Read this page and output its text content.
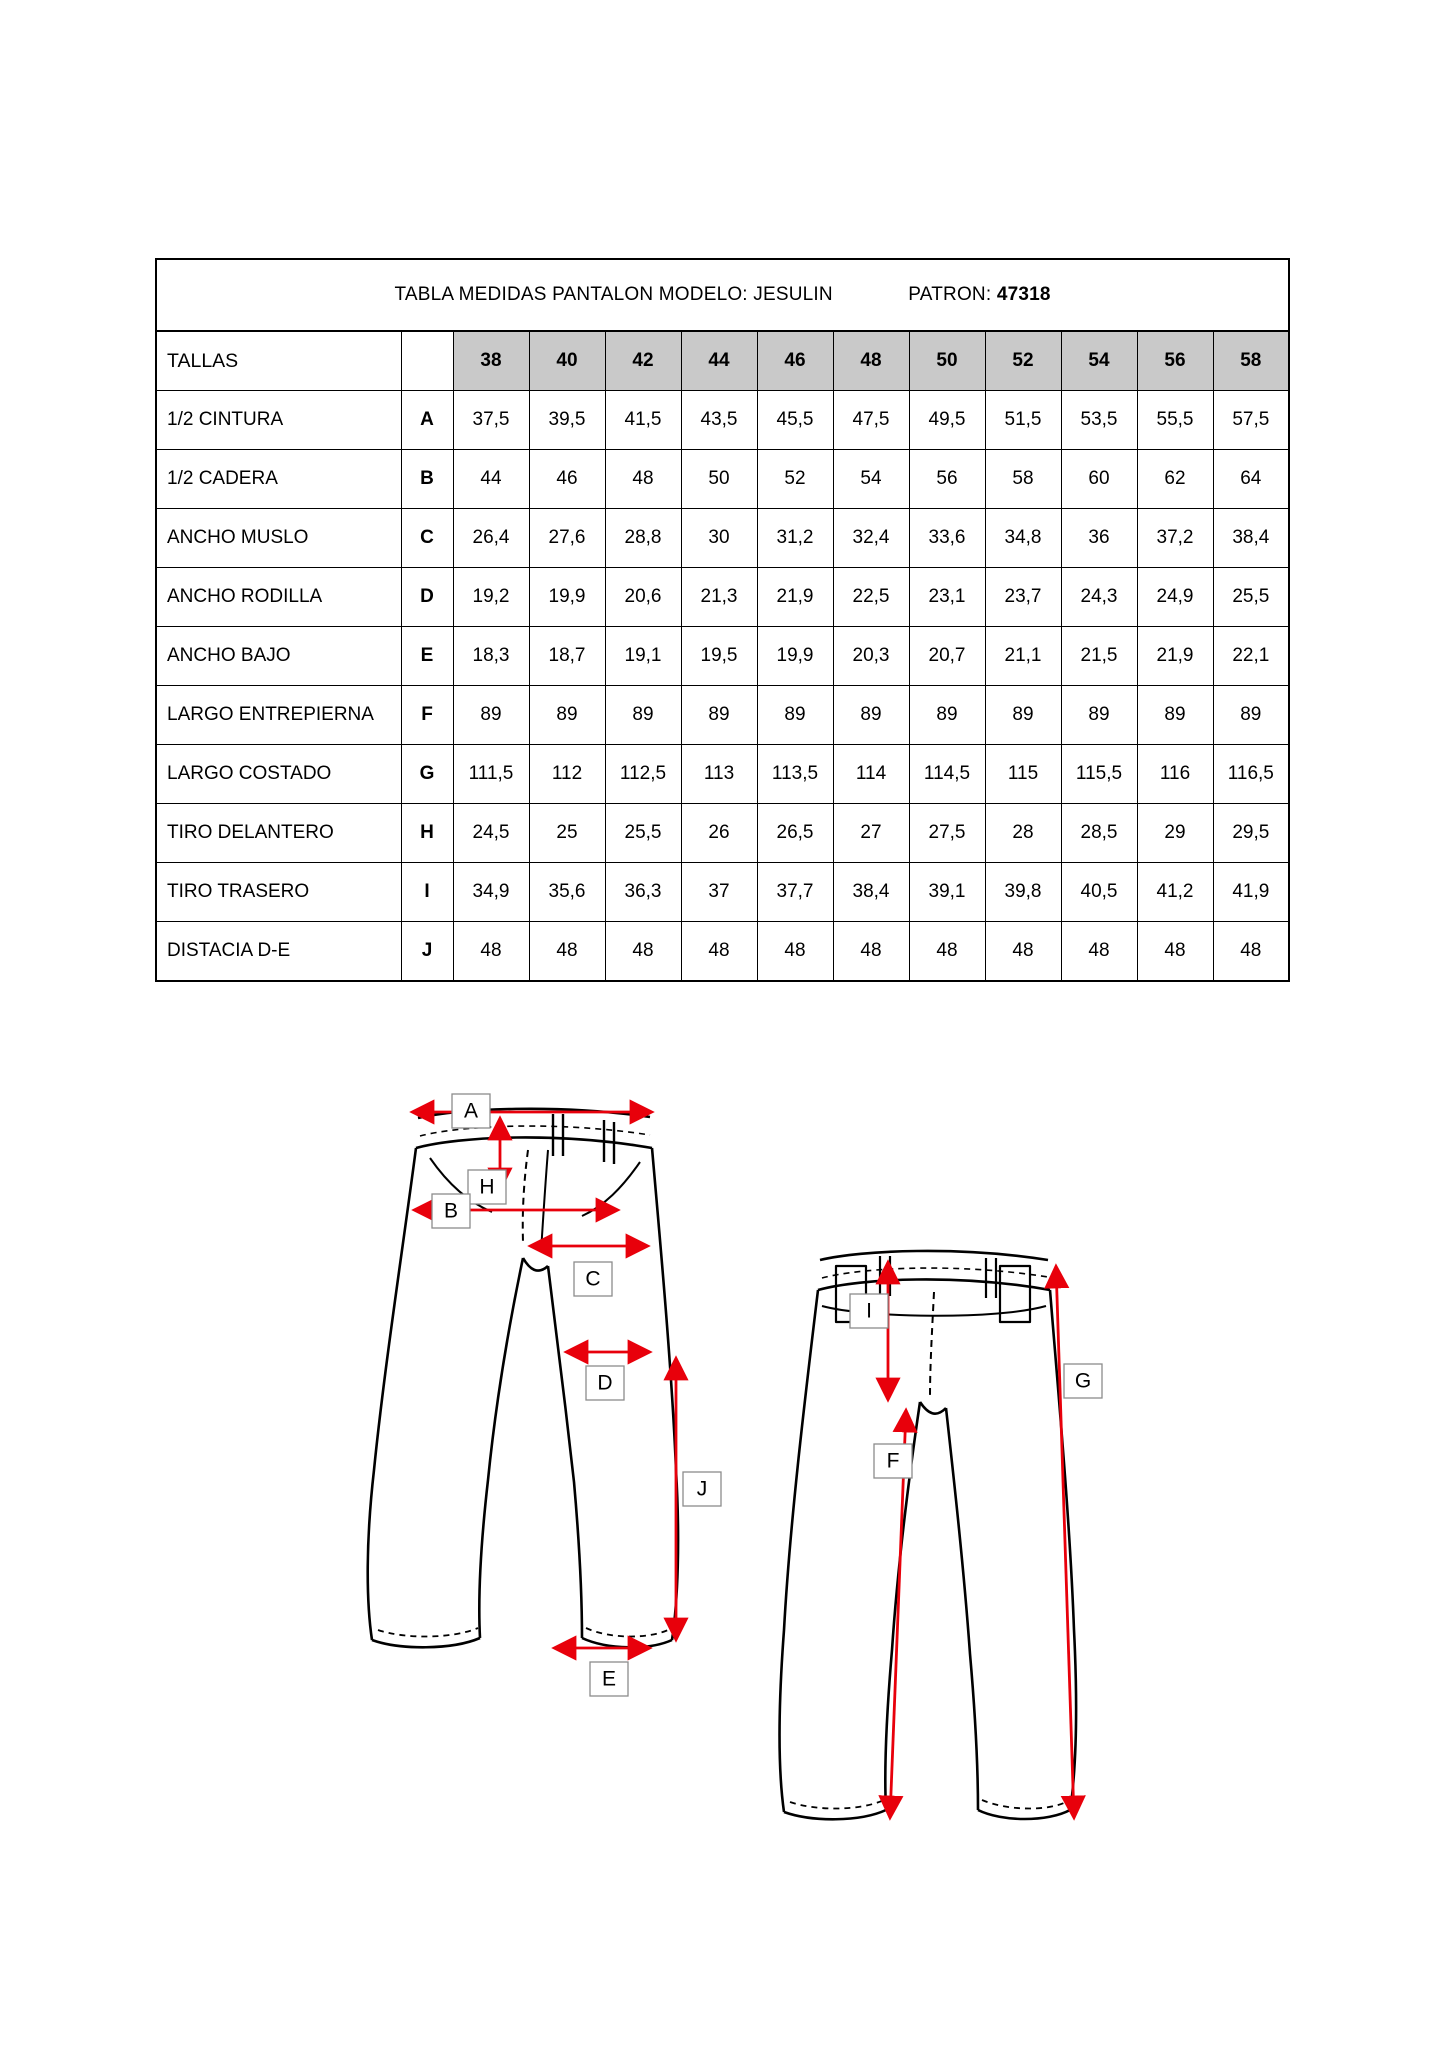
TABLA MEDIDAS PANTALON MODELO: JESULIN PATRON: 47318												
TALLAS		38	40	42	44	46	48	50	52	54	56	58
1/2 CINTURA	A	37,5	39,5	41,5	43,5	45,5	47,5	49,5	51,5	53,5	55,5	57,5
1/2 CADERA	B	44	46	48	50	52	54	56	58	60	62	64
ANCHO MUSLO	C	26,4	27,6	28,8	30	31,2	32,4	33,6	34,8	36	37,2	38,4
ANCHO RODILLA	D	19,2	19,9	20,6	21,3	21,9	22,5	23,1	23,7	24,3	24,9	25,5
ANCHO BAJO	E	18,3	18,7	19,1	19,5	19,9	20,3	20,7	21,1	21,5	21,9	22,1
LARGO ENTREPIERNA	F	89	89	89	89	89	89	89	89	89	89	89
LARGO COSTADO	G	111,5	112	112,5	113	113,5	114	114,5	115	115,5	116	116,5
TIRO DELANTERO	H	24,5	25	25,5	26	26,5	27	27,5	28	28,5	29	29,5
TIRO TRASERO	I	34,9	35,6	36,3	37	37,7	38,4	39,1	39,8	40,5	41,2	41,9
DISTACIA D-E	J	48	48	48	48	48	48	48	48	48	48	48
A
H
B
C
D
J
E
I
G
F
